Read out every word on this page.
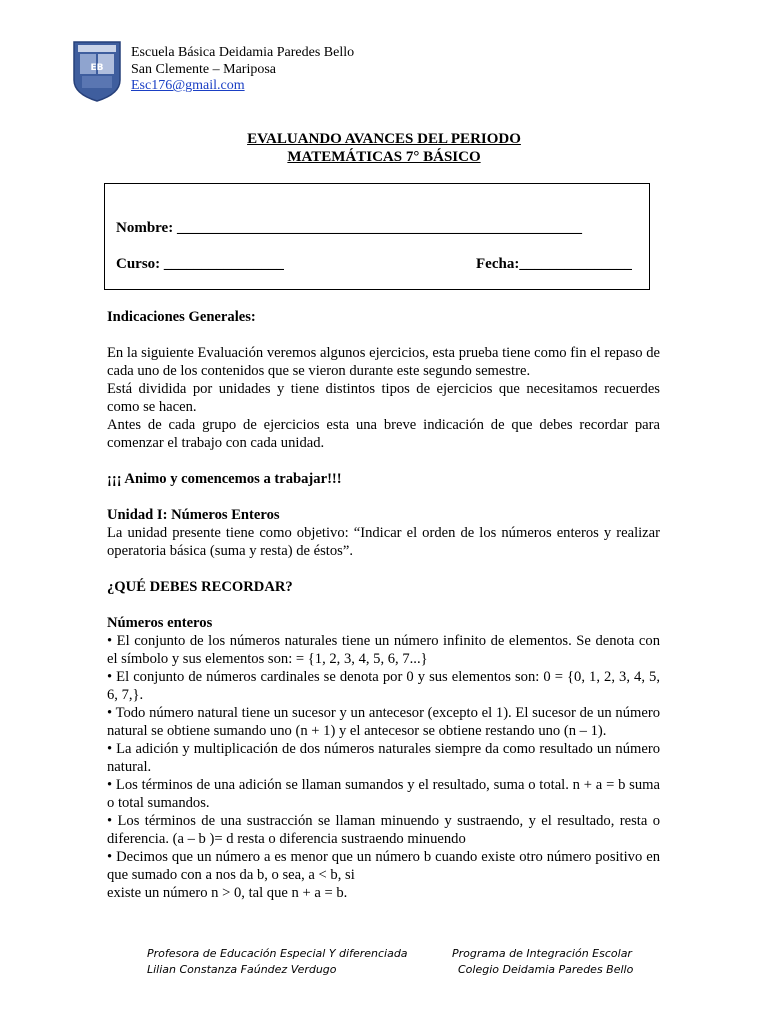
EB
Escuela Básica Deidamia Paredes Bello
San Clemente – Mariposa
Esc176@gmail.com
EVALUANDO AVANCES DEL PERIODO
MATEMÁTICAS 7° BÁSICO
Nombre: ______________________________________________________
Curso: ________________	Fecha:_______________

Indicaciones Generales:

En la siguiente Evaluación veremos algunos ejercicios, esta prueba tiene como fin el repaso de cada uno de los contenidos que se vieron durante este segundo semestre.

Está dividida por unidades y tiene distintos tipos de ejercicios que necesitamos recuerdes como se hacen.

Antes de cada grupo de ejercicios esta una breve indicación de que debes recordar para comenzar el trabajo con cada unidad.

¡¡¡ Animo y comencemos a trabajar!!!

Unidad I: Números Enteros

La unidad presente tiene como objetivo: “Indicar el orden de los números enteros y realizar operatoria básica (suma y resta) de éstos”.

¿QUÉ DEBES RECORDAR?

Números enteros

• El conjunto de los números naturales tiene un número infinito de elementos. Se denota con el símbolo y sus elementos son: = {1, 2, 3, 4, 5, 6, 7...}

• El conjunto de números cardinales se denota por 0 y sus elementos son: 0 = {0, 1, 2, 3, 4, 5, 6, 7,}.

• Todo número natural tiene un sucesor y un antecesor (excepto el 1). El sucesor de un número natural se obtiene sumando uno (n + 1) y el antecesor se obtiene restando uno (n – 1).

• La adición y multiplicación de dos números naturales siempre da como resultado un número natural.

• Los términos de una adición se llaman sumandos y el resultado, suma o total. n + a = b suma o total sumandos.

• Los términos de una sustracción se llaman minuendo y sustraendo, y el resultado, resta o diferencia. (a – b )= d resta o diferencia sustraendo minuendo

• Decimos que un número a es menor que un número b cuando existe otro número positivo en que sumado con a nos da b, o sea, a < b, si

existe un número n > 0, tal que n + a = b.

Profesora de Educación Especial Y diferenciada
Lilian Constanza Faúndez Verdugo
Programa de Integración Escolar
Colegio Deidamia Paredes Bello
